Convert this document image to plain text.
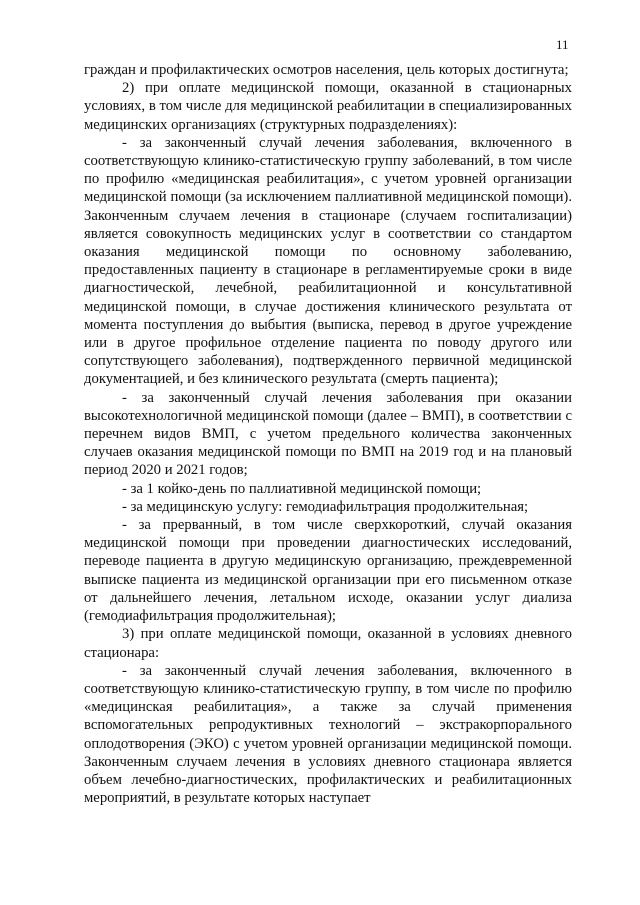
11

граждан и профилактических осмотров населения, цель которых достигнута;

2) при оплате медицинской помощи, оказанной в стационарных условиях, в том числе для медицинской реабилитации в специализированных медицинских организациях (структурных подразделениях):

- за законченный случай лечения заболевания, включенного в соответствующую клинико-статистическую группу заболеваний, в том числе по профилю «медицинская реабилитация», с учетом уровней организации медицинской помощи (за исключением паллиативной медицинской помощи). Законченным случаем лечения в стационаре (случаем госпитализации) является совокупность медицинских услуг в соответствии со стандартом оказания медицинской помощи по основному заболеванию, предоставленных пациенту в стационаре в регламентируемые сроки в виде диагностической, лечебной, реабилитационной и консультативной медицинской помощи, в случае достижения клинического результата от момента поступления до выбытия (выписка, перевод в другое учреждение или в другое профильное отделение пациента по поводу другого или сопутствующего заболевания), подтвержденного первичной медицинской документацией, и без клинического результата (смерть пациента);

- за законченный случай лечения заболевания при оказании высокотехнологичной медицинской помощи (далее – ВМП), в соответствии с перечнем видов ВМП, с учетом предельного количества законченных случаев оказания медицинской помощи по ВМП на 2019 год и на плановый период 2020 и 2021 годов;

- за 1 койко-день по паллиативной медицинской помощи;

- за медицинскую услугу: гемодиафильтрация продолжительная;

- за прерванный, в том числе сверхкороткий, случай оказания медицинской помощи при проведении диагностических исследований, переводе пациента в другую медицинскую организацию, преждевременной выписке пациента из медицинской организации при его письменном отказе от дальнейшего лечения, летальном исходе, оказании услуг диализа (гемодиафильтрация продолжительная);

3) при оплате медицинской помощи, оказанной в условиях дневного стационара:

- за законченный случай лечения заболевания, включенного в соответствующую клинико-статистическую группу, в том числе по профилю «медицинская реабилитация», а также за случай применения вспомогательных репродуктивных технологий – экстракорпорального оплодотворения (ЭКО) с учетом уровней организации медицинской помощи. Законченным случаем лечения в условиях дневного стационара является объем лечебно-диагностических, профилактических и реабилитационных мероприятий, в результате которых наступает
